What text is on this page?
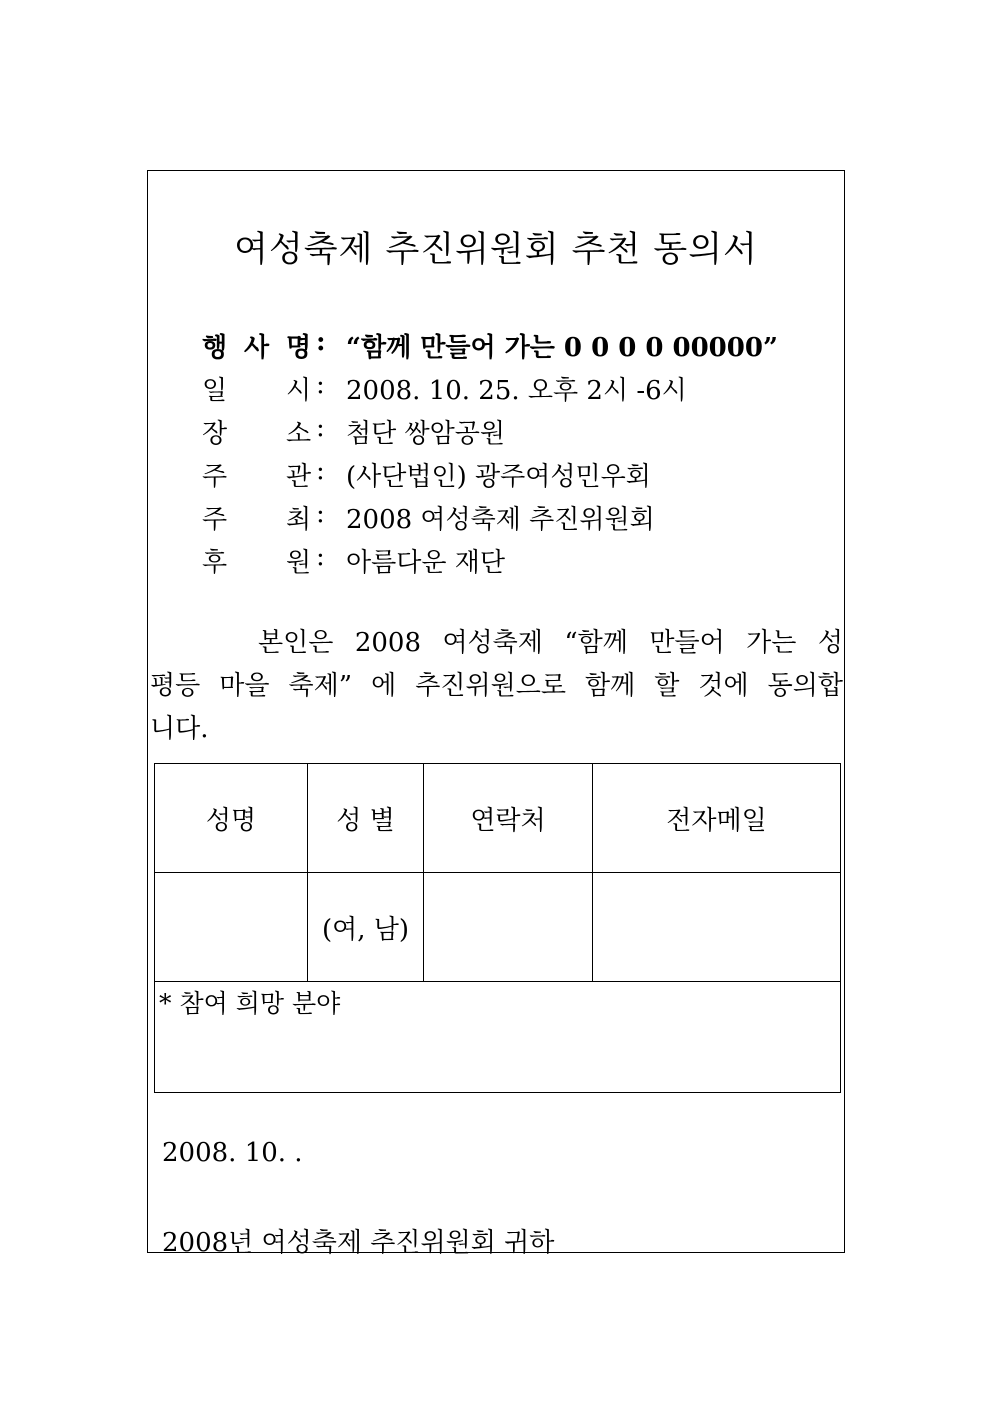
여성축제 추진위원회 추천 동의서
행 사 명 : “함께 만들어 가는 0 0 0 0 00000”
일 시 : 2008. 10. 25. 오후 2시 -6시
장 소 : 첨단 쌍암공원
주 관 : (사단법인) 광주여성민우회
주 최 : 2008 여성축제 추진위원회
후 원 : 아름다운 재단
본인은 2008 여성축제 “함께 만들어 가는 성
평등 마을 축제” 에 추진위원으로 함께 할 것에 동의합
니다.
성명	성 별	연락처	전자메일
	(여, 남)		
* 참여 희망 분야			
2008. 10. .
2008년 여성축제 추진위원회 귀하
